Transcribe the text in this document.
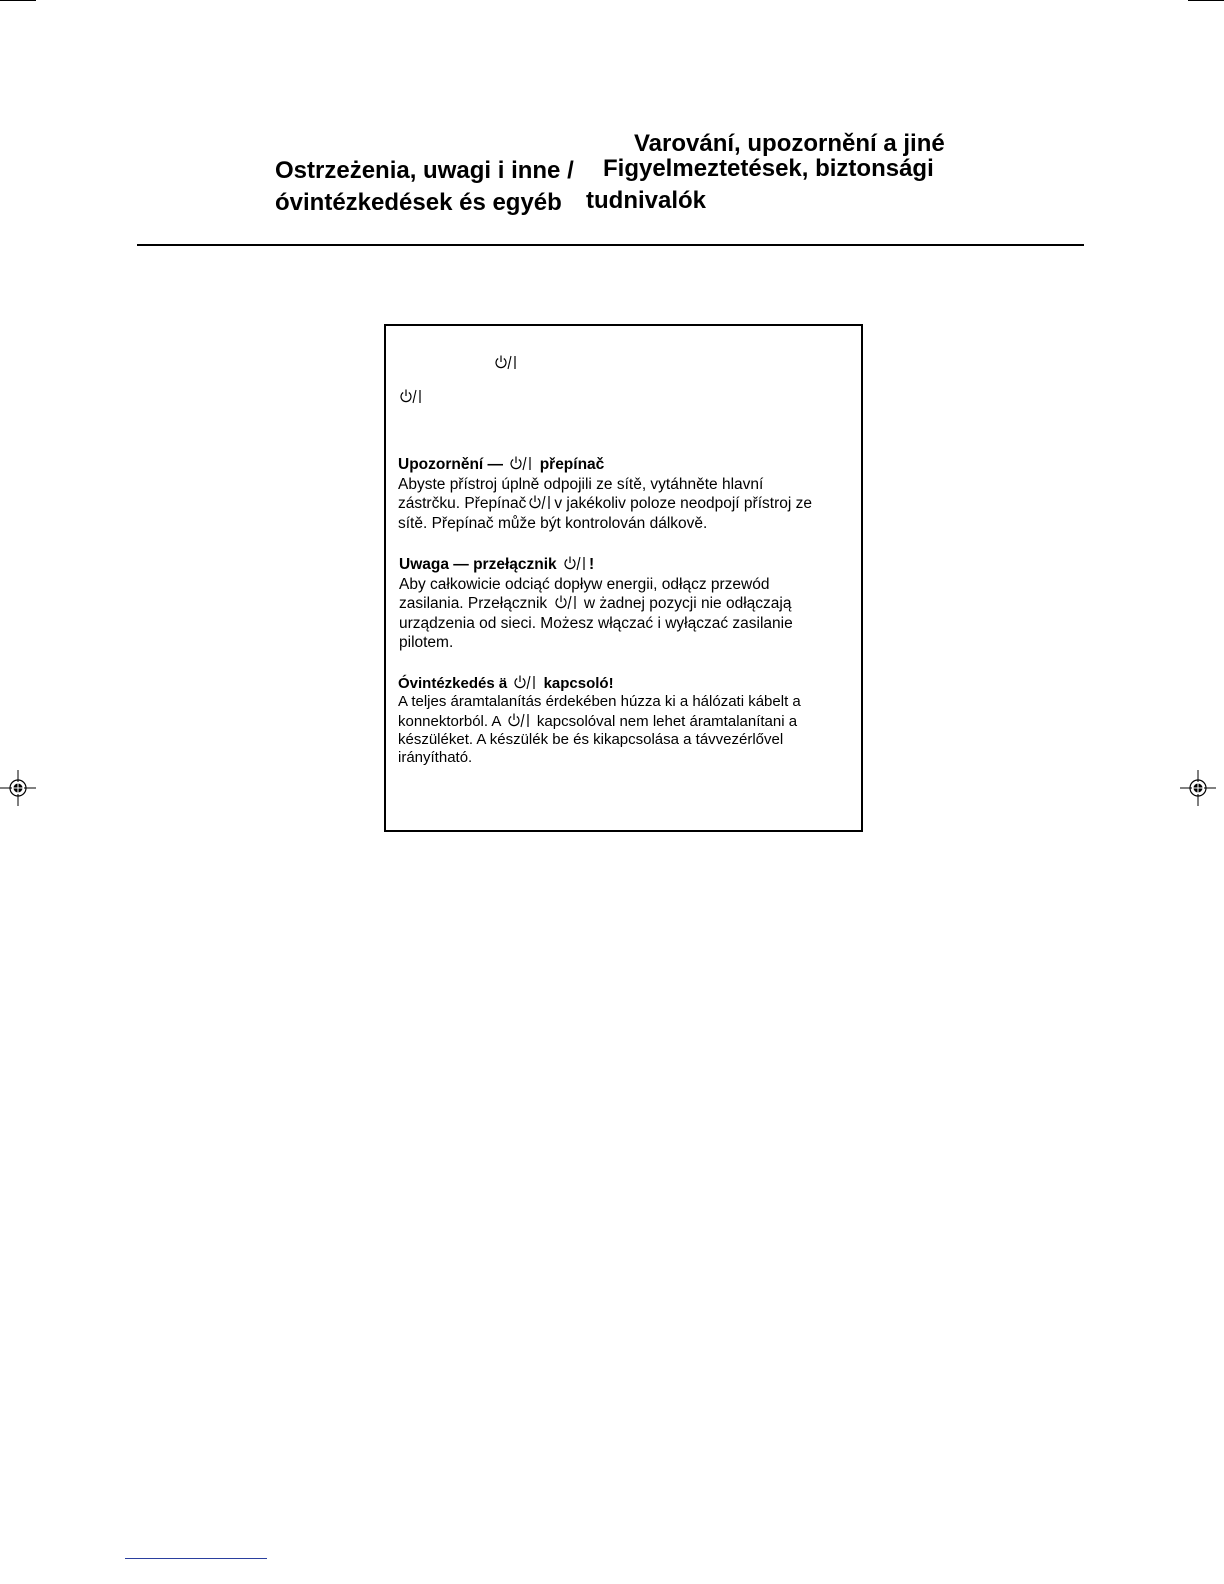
Varování, upozornění a jiné
Ostrzeżenia, uwagi i inne / Figyelmeztetések, biztonsági
óvintézkedések és egyéb tudnivalók
Upozornění — přepínač
Abyste přístroj úplně odpojili ze sítě, vytáhněte hlavní
zástrčku. Přepínač v jakékoliv poloze neodpojí přístroj ze
sítě. Přepínač může být kontrolován dálkově.
Uwaga — przełącznik !
Aby całkowicie odciąć dopływ energii, odłącz przewód
zasilania. Przełącznik w żadnej pozycji nie odłączają
urządzenia od sieci. Możesz włączać i wyłączać zasilanie
pilotem.
Óvintézkedés ä kapcsoló!
A teljes áramtalanítás érdekében húzza ki a hálózati kábelt a
konnektorból. A kapcsolóval nem lehet áramtalanítani a
készüléket. A készülék be és kikapcsolása a távvezérlővel
irányítható.
